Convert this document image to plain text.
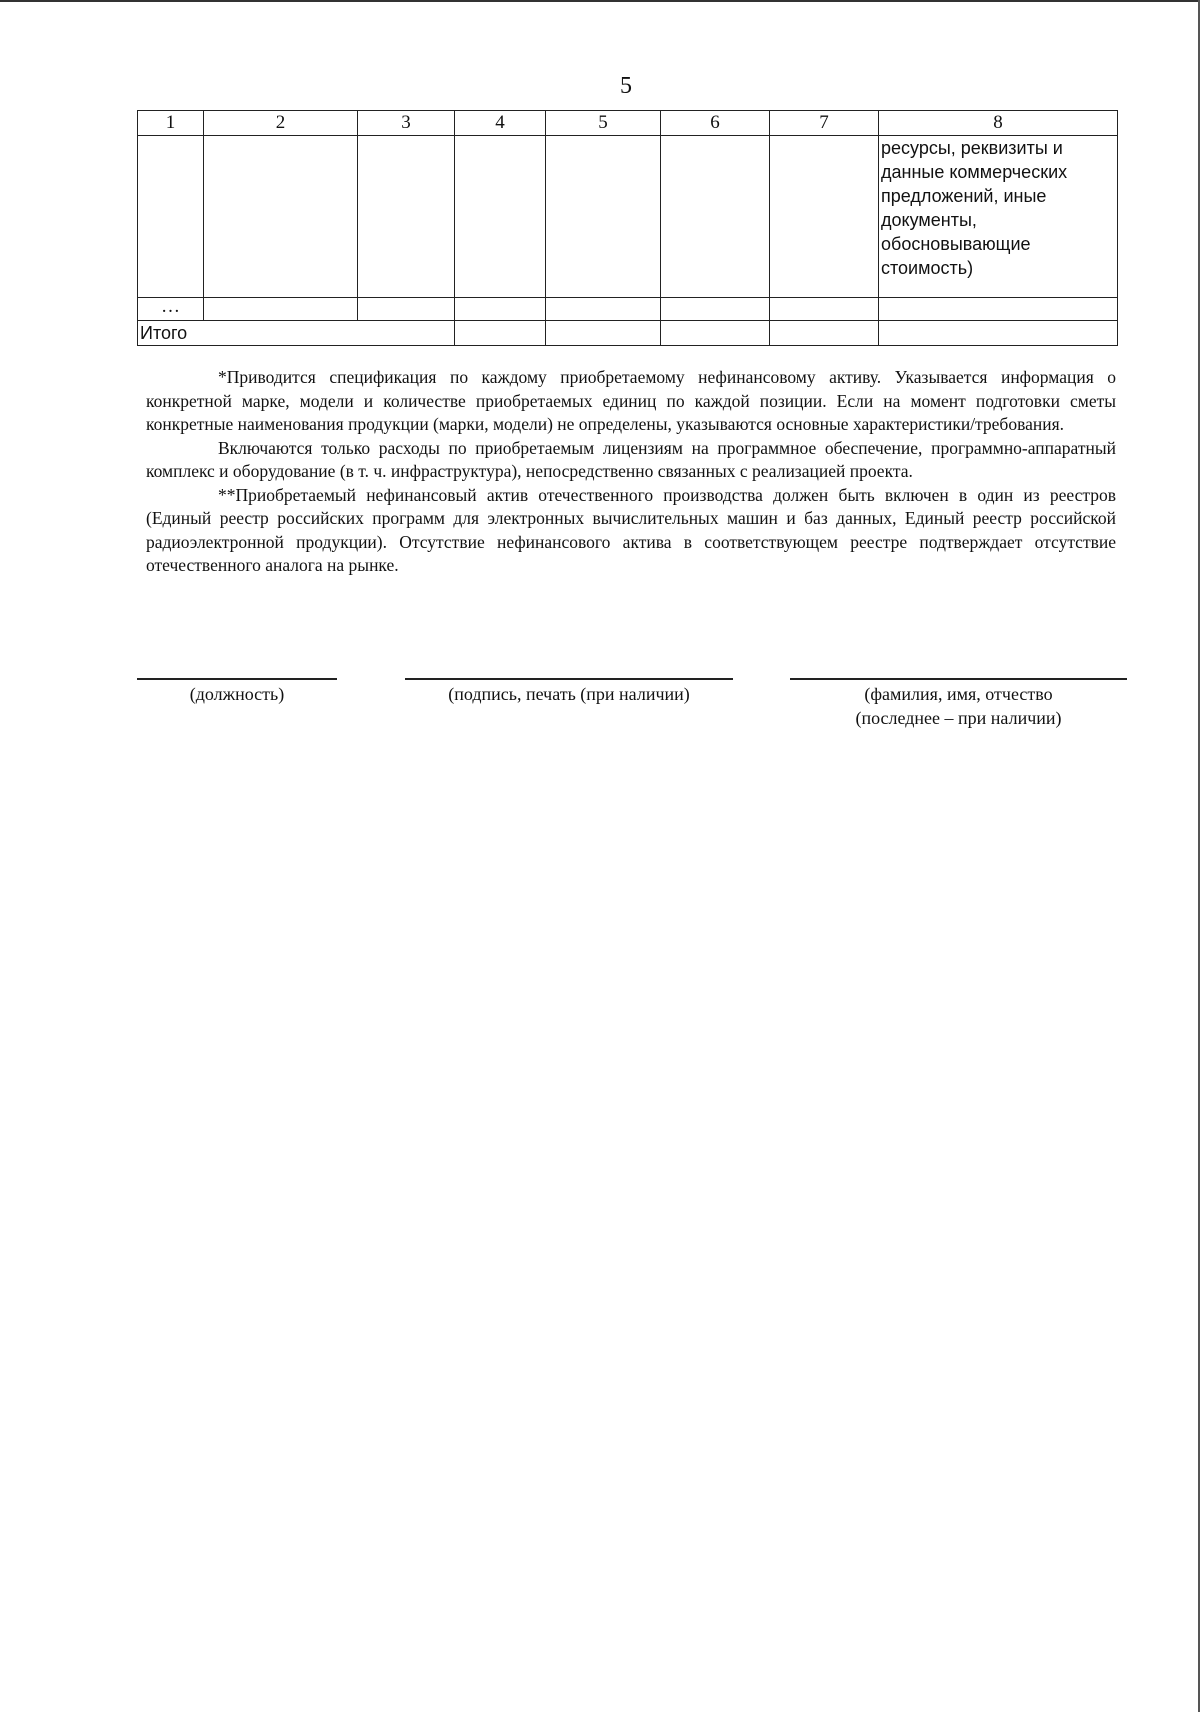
5
1	2	3	4	5	6	7	8
							ресурсы, реквизиты и данные коммерческих предложений, иные документы, обосновывающие стоимость)
…							
Итого							

*Приводится спецификация по каждому приобретаемому нефинансовому активу. Указывается информация о конкретной марке, модели и количестве приобретаемых единиц по каждой позиции. Если на момент подготовки сметы конкретные наименования продукции (марки, модели) не определены, указываются основные характеристики/требования.

Включаются только расходы по приобретаемым лицензиям на программное обеспечение, программно-аппаратный комплекс и оборудование (в т. ч. инфраструктура), непосредственно связанных с реализацией проекта.

**Приобретаемый нефинансовый актив отечественного производства должен быть включен в один из реестров (Единый реестр российских программ для электронных вычислительных машин и баз данных, Единый реестр российской радиоэлектронной продукции). Отсутствие нефинансового актива в соответствующем реестре подтверждает отсутствие отечественного аналога на рынке.

(должность)	(подпись, печать (при наличии)	(фамилия, имя, отчество
(последнее – при наличии)
